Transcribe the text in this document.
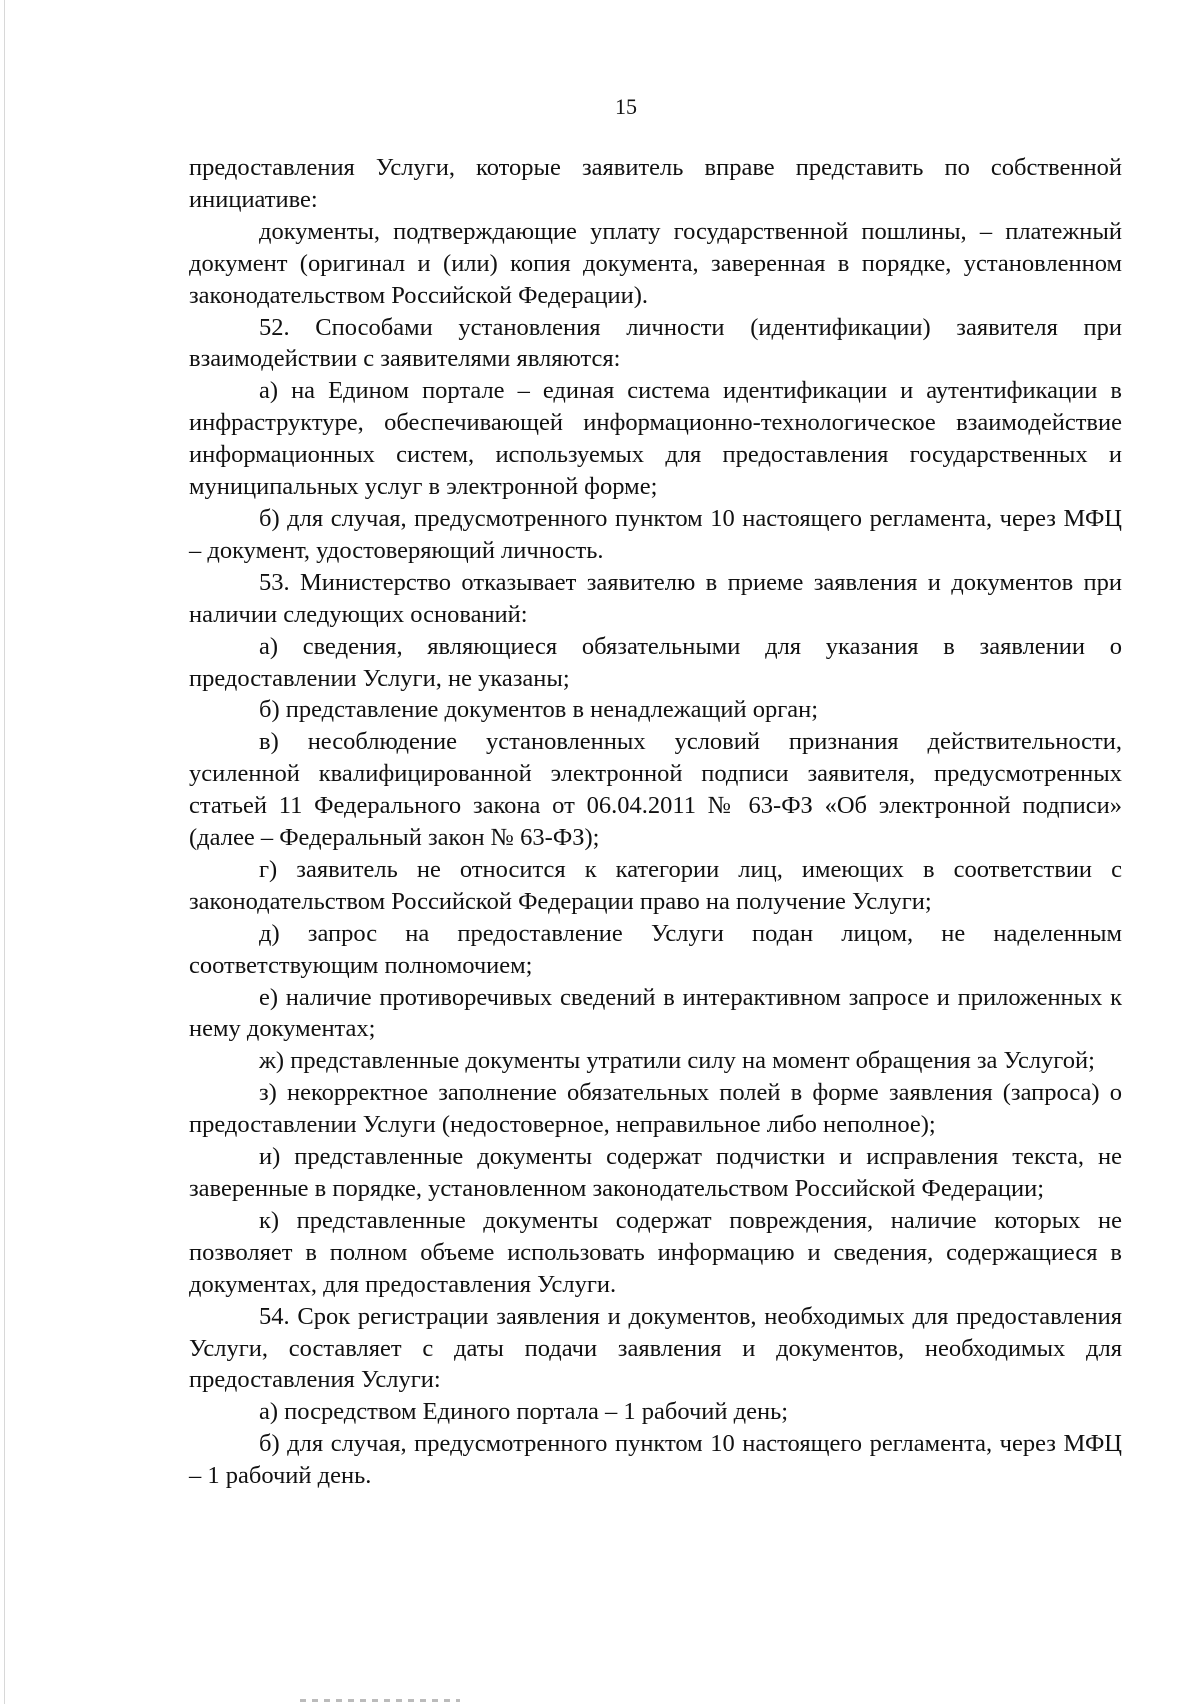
15

предоставления Услуги, которые заявитель вправе представить по собственной инициативе:

документы, подтверждающие уплату государственной пошлины, – платежный документ (оригинал и (или) копия документа, заверенная в порядке, установленном законодательством Российской Федерации).

52. Способами установления личности (идентификации) заявителя при взаимодействии с заявителями являются:

а) на Едином портале – единая система идентификации и аутентификации в инфраструктуре, обеспечивающей информационно-технологическое взаимодействие информационных систем, используемых для предоставления государственных и муниципальных услуг в электронной форме;

б) для случая, предусмотренного пунктом 10 настоящего регламента, через МФЦ – документ, удостоверяющий личность.

53. Министерство отказывает заявителю в приеме заявления и документов при наличии следующих оснований:

а) сведения, являющиеся обязательными для указания в заявлении о предоставлении Услуги, не указаны;

б) представление документов в ненадлежащий орган;

в) несоблюдение установленных условий признания действительности, усиленной квалифицированной электронной подписи заявителя, предусмотренных статьей 11 Федерального закона от 06.04.2011 № 63-ФЗ «Об электронной подписи» (далее – Федеральный закон № 63-ФЗ);

г) заявитель не относится к категории лиц, имеющих в соответствии с законодательством Российской Федерации право на получение Услуги;

д) запрос на предоставление Услуги подан лицом, не наделенным соответствующим полномочием;

е) наличие противоречивых сведений в интерактивном запросе и приложенных к нему документах;

ж) представленные документы утратили силу на момент обращения за Услугой;

з) некорректное заполнение обязательных полей в форме заявления (запроса) о предоставлении Услуги (недостоверное, неправильное либо неполное);

и) представленные документы содержат подчистки и исправления текста, не заверенные в порядке, установленном законодательством Российской Федерации;

к) представленные документы содержат повреждения, наличие которых не позволяет в полном объеме использовать информацию и сведения, содержащиеся в документах, для предоставления Услуги.

54. Срок регистрации заявления и документов, необходимых для предоставления Услуги, составляет с даты подачи заявления и документов, необходимых для предоставления Услуги:

а) посредством Единого портала – 1 рабочий день;

б) для случая, предусмотренного пунктом 10 настоящего регламента, через МФЦ – 1 рабочий день.
